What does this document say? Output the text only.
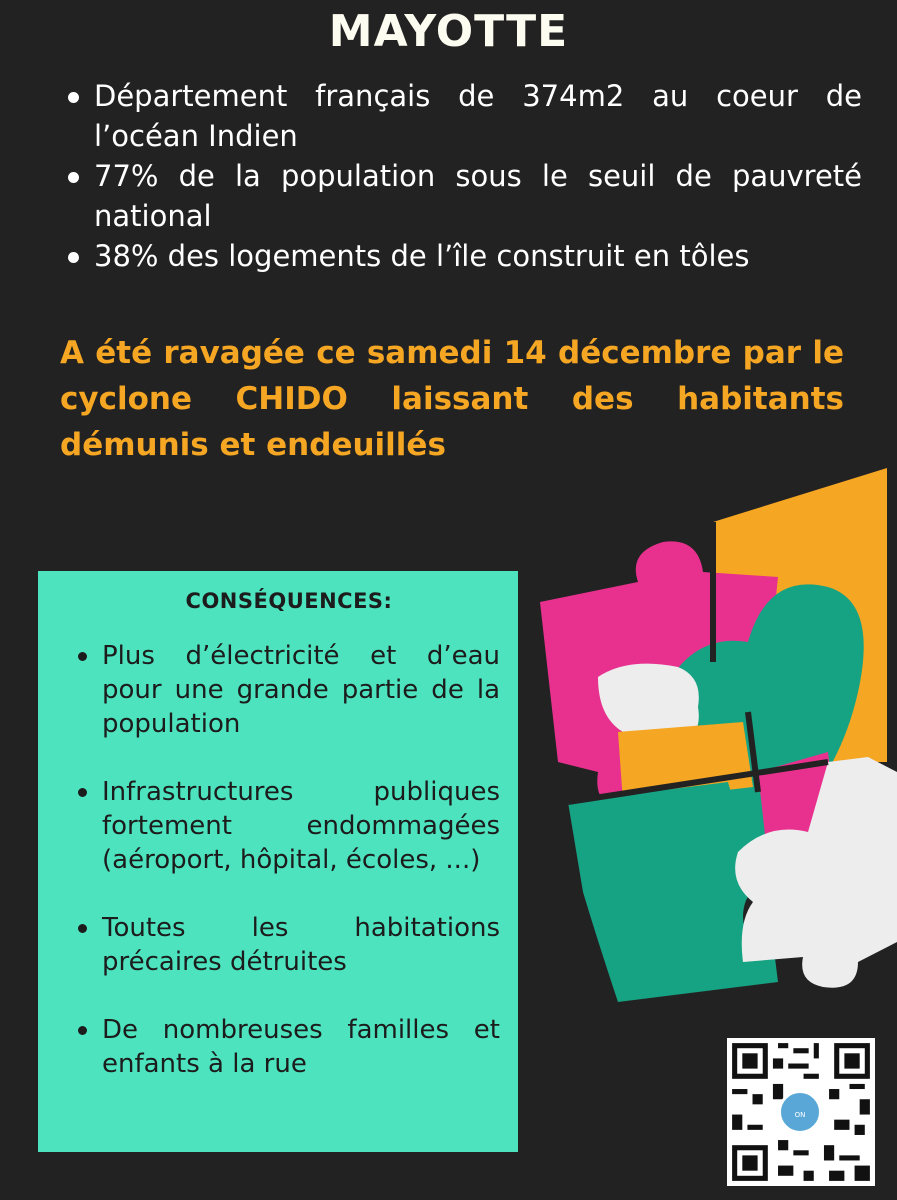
MAYOTTE
Département français de 374m2 au coeur de l’océan Indien
77% de la population sous le seuil de pauvreté national
38% des logements de l’île construit en tôles
A été ravagée ce samedi 14 décembre par le cyclone CHIDO laissant des habitants démunis et endeuillés
CONSÉQUENCES:
Plus d’électricité et d’eau pour une grande partie de la population
Infrastructures publiques fortement endommagées (aéroport, hôpital, écoles, ...)
Toutes les habitations précaires détruites
De nombreuses familles et enfants à la rue
ON PARTICIPE
